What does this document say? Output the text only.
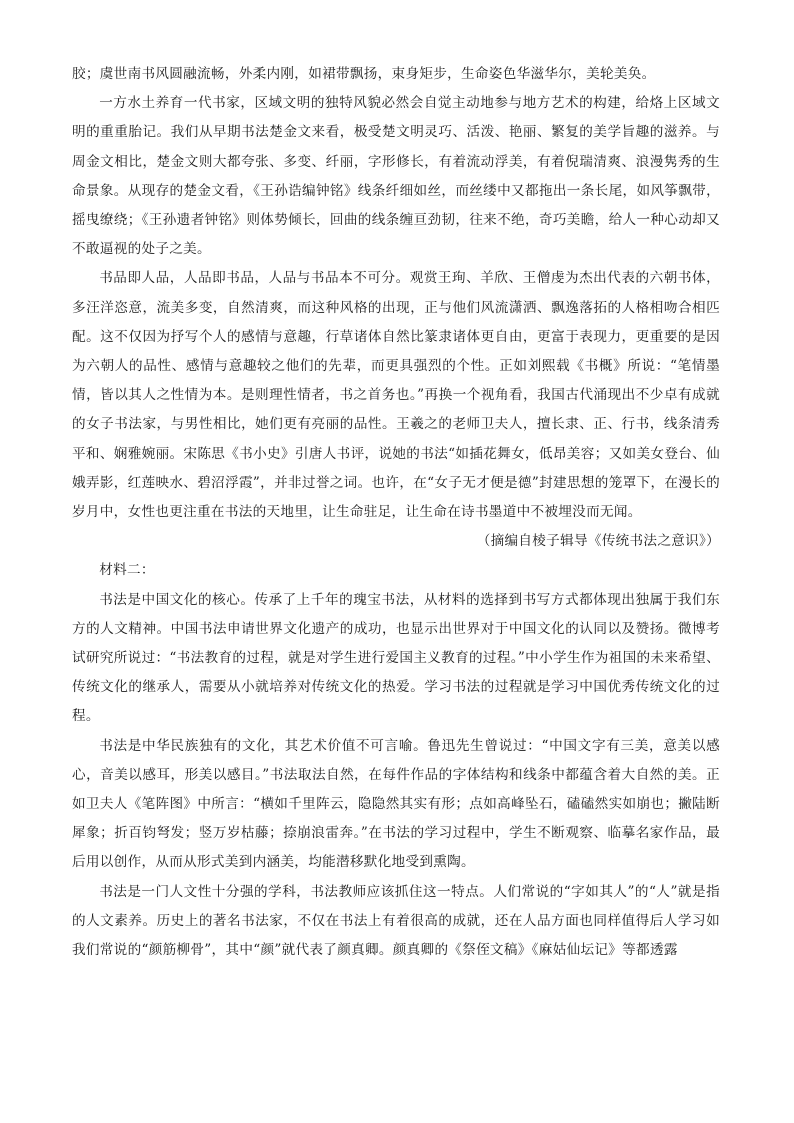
胶；虞世南书风圆融流畅，外柔内刚，如裙带飘扬，束身矩步，生命姿色华滋华尔，美轮美奂。

一方水土养育一代书家，区域文明的独特风貌必然会自觉主动地参与地方艺术的构建，给烙上区域文明的重重胎记。我们从早期书法楚金文来看，极受楚文明灵巧、活泼、艳丽、繁复的美学旨趣的滋养。与周金文相比，楚金文则大都夸张、多变、纤丽，字形修长，有着流动浮美，有着倪瑞清爽、浪漫隽秀的生命景象。从现存的楚金文看，《王孙诰编钟铭》线条纤细如丝，而丝缕中又都拖出一条长尾，如风筝飘带，摇曳缭绕；《王孙遗者钟铭》则体势倾长，回曲的线条缠亘劲韧，往来不绝，奇巧美瞻，给人一种心动却又不敢逼视的处子之美。

书品即人品，人品即书品，人品与书品本不可分。观赏王珣、羊欣、王僧虔为杰出代表的六朝书体，多汪洋恣意，流美多变，自然清爽，而这种风格的出现，正与他们风流潇洒、飘逸落拓的人格相吻合相匹配。这不仅因为抒写个人的感情与意趣，行草诸体自然比篆隶诸体更自由，更富于表现力，更重要的是因为六朝人的品性、感情与意趣较之他们的先辈，而更具强烈的个性。正如刘熙载《书概》所说：“笔情墨情，皆以其人之性情为本。是则理性情者，书之首务也。”再换一个视角看，我国古代涌现出不少卓有成就的女子书法家，与男性相比，她们更有亮丽的品性。王羲之的老师卫夫人，擅长隶、正、行书，线条清秀平和、娴雅婉丽。宋陈思《书小史》引唐人书评，说她的书法“如插花舞女，低昂美容；又如美女登台、仙娥弄影，红莲映水、碧沼浮霞”，并非过誉之词。也许，在“女子无才便是德”封建思想的笼罩下，在漫长的岁月中，女性也更注重在书法的天地里，让生命驻足，让生命在诗书墨道中不被埋没而无闻。

（摘编自棱子辑导《传统书法之意识》）

材料二：

书法是中国文化的核心。传承了上千年的瑰宝书法，从材料的选择到书写方式都体现出独属于我们东方的人文精神。中国书法申请世界文化遗产的成功，也显示出世界对于中国文化的认同以及赞扬。微博考试研究所说过：“书法教育的过程，就是对学生进行爱国主义教育的过程。”中小学生作为祖国的未来希望、传统文化的继承人，需要从小就培养对传统文化的热爱。学习书法的过程就是学习中国优秀传统文化的过程。

书法是中华民族独有的文化，其艺术价值不可言喻。鲁迅先生曾说过：“中国文字有三美，意美以感心，音美以感耳，形美以感目。”书法取法自然，在每件作品的字体结构和线条中都蕴含着大自然的美。正如卫夫人《笔阵图》中所言：“横如千里阵云，隐隐然其实有形；点如高峰坠石，磕磕然实如崩也；撇陆断犀象；折百钧弩发；竖万岁枯藤；捺崩浪雷奔。”在书法的学习过程中，学生不断观察、临摹名家作品，最后用以创作，从而从形式美到内涵美，均能潜移默化地受到熏陶。

书法是一门人文性十分强的学科，书法教师应该抓住这一特点。人们常说的“字如其人”的“人”就是指的人文素养。历史上的著名书法家，不仅在书法上有着很高的成就，还在人品方面也同样值得后人学习如我们常说的“颜筋柳骨”，其中“颜”就代表了颜真卿。颜真卿的《祭侄文稿》《麻姑仙坛记》等都透露
